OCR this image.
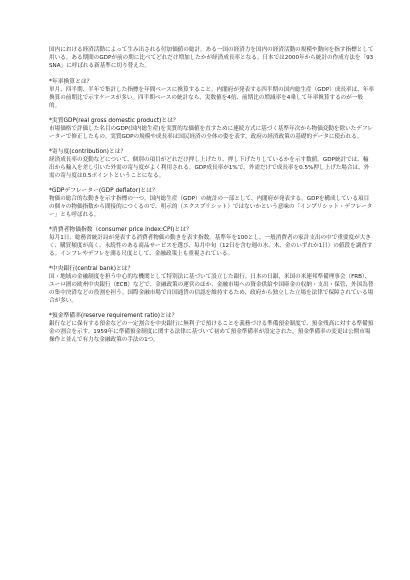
国内における経済活動によって生み出される付加価値の総計。ある一国の経済力を国内の経済活動の規模や動向を指す指標として用いる。ある期間のGDPが前の期に比べてどれだけ増加したかが経済成長率となる。日本では2000年から統計の作成方法を「93SNA」に呼ばれる新基準に切り替えた。

*年率換算とは？

単月、四半期、半年で集計した指標を年間ベースに換算すること。内閣府が発表する四半期の国内総生産（GDP）成長率は、年率換算の前期比で示すケースが多い。四半期ベースの統計なら、実数値を4倍、前期比の増減率を4乗して年率換算するのが一般的。

*実質GDP(real gross domestic product)とは？

市場価格で評価した名目のGDP(国内総生産)を実質的な価値を直すために連続方式に基づく基準年次から物価変動を除いたデフレーターで修正したもの。実質GDPの規模や成長率は国民経済の全体の姿を表す、政府の経済政策の基礎的データに使われる。

*寄与度(contribution)とは？

経済成長率の変動などについて、個別の項目がどれだけ押し上げたり、押し下げたりしているかを示す数値。GDP統計では、輸出から輸入を差し引いた外需の寄与度がよく利用される。GDP成長率が1%で、外需だけで成長率を0.5%押し上げた場合は、外需の寄与度は0.5ポイントということになる。

*GDPデフレーター(GDP deflator)とは？

物価の総合的な動きを示す指標の一つ。国内総生産（GDP）の統計の一部として、内閣府が発表する。GDPを構成している項目の個々の物価指数から間接的につくるので、明示的（エクスプリシット）ではないかという意味の「インプリシット・デフレーター」とも呼ばれる。

*消費者物価指数（consumer price index:CPI)とは？

毎月1日、総務省統計局が発表する消費者物価の動きを表す指数。基準年を100とし、一般消費者の家計支出の中で重要度が大きく、購買頻度が高く、永続性のある商品サービスを選び、毎月中旬（12日を含む週の水、木、金のいずれか1日）の値段を調査する。インフレやデフレを測る尺度として、金融政策上も重視されている。

*中央銀行(central bank)とは？

国・地域の金融制度を担う中心的な機関として特別法に基づいて設立した銀行。日本の日銀、米国の米連邦準備理事会（FRB）、ユーロ圏の欧州中央銀行（ECB）などで、金融政策の運営のほか、金融市場への資金供給や国庫金の収納・支出・保管、外国為替の集中決済などの役割を担う。国際金融市場で自国通貨の信認を維持するため、政府から独立した立場を法律で保障されている場合が多い。

*預金準備率(reserve requirement ratio)とは？

銀行などに保有する預金などの一定割合を中央銀行に無利子で預けることを義務づける準備預金制度で、預金残高に対する準備預金の割合を示す。1959年に準備預金制度に関する法律に基づいて初めて預金準備率が設定された。預金準備率の変更は公開市場操作と並んで有力な金融政策の手法の1つ。
